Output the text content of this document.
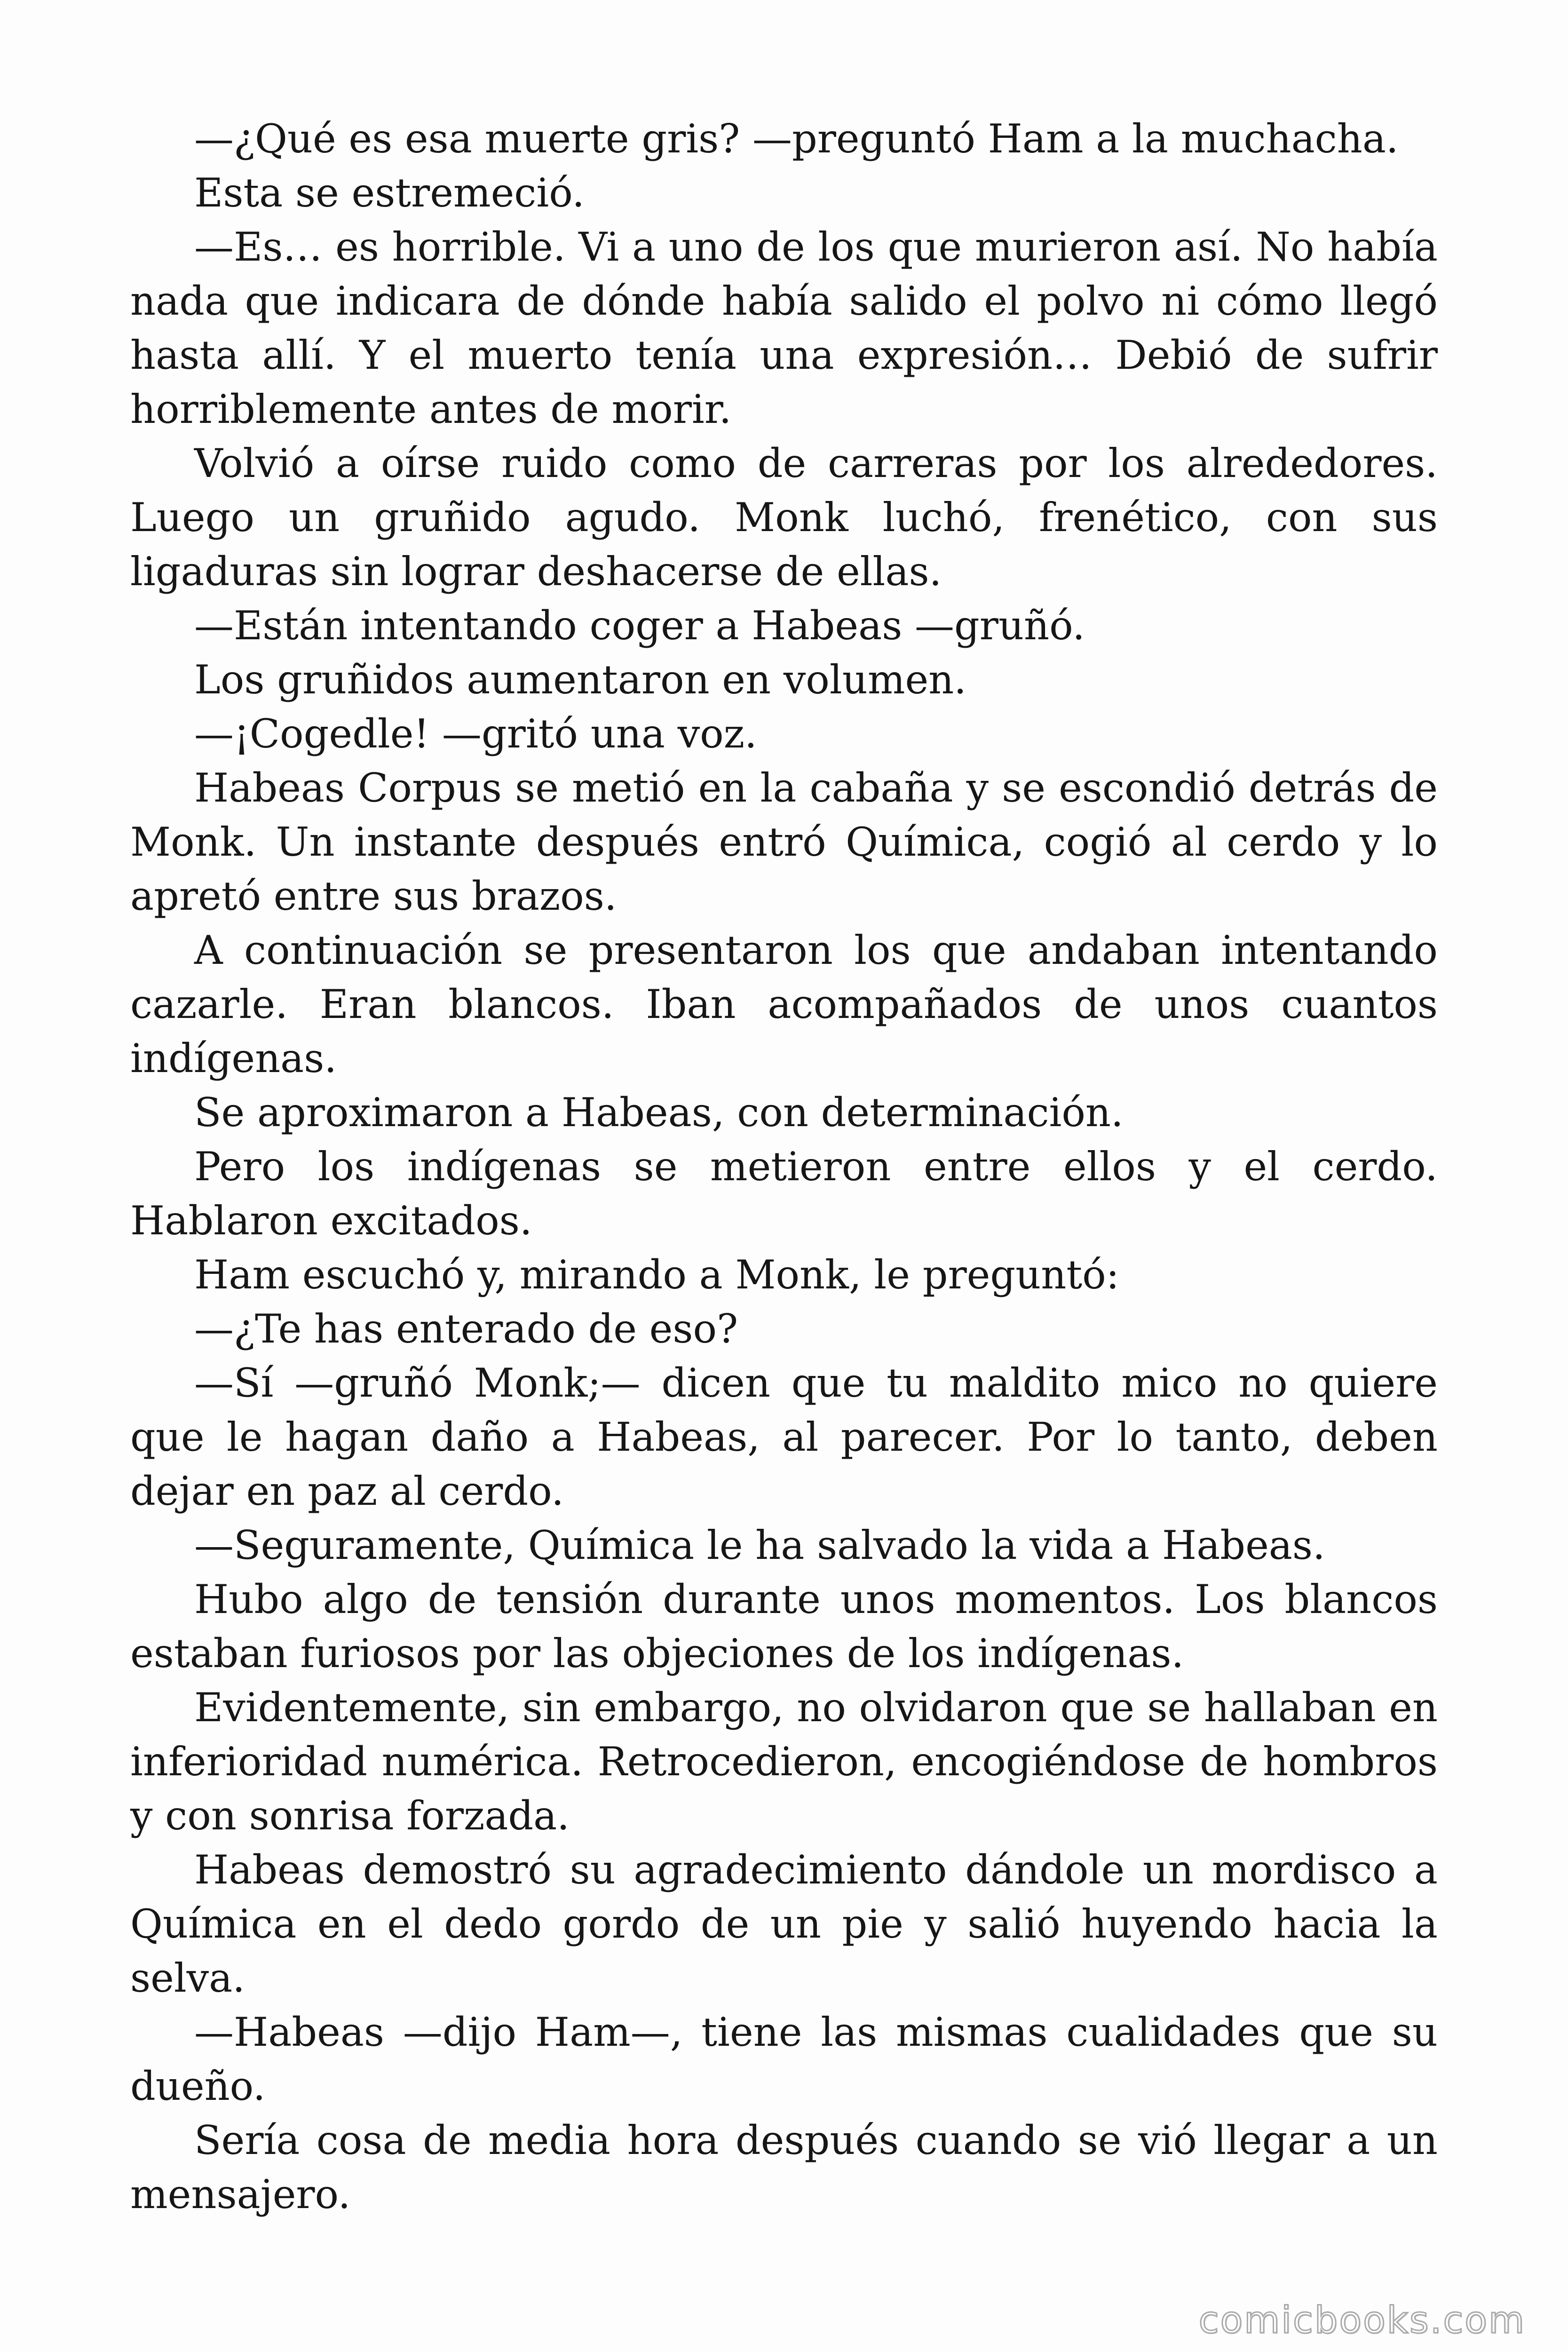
—¿Qué es esa muerte gris? —preguntó Ham a la muchacha.

Esta se estremeció.

—Es… es horrible. Vi a uno de los que murieron así. No había nada que indicara de dónde había salido el polvo ni cómo llegó hasta allí. Y el muerto tenía una expresión… Debió de sufrir horriblemente antes de morir.

Volvió a oírse ruido como de carreras por los alrededores. Luego un gruñido agudo. Monk luchó, frenético, con sus ligaduras sin lograr deshacerse de ellas.

—Están intentando coger a Habeas —gruñó.

Los gruñidos aumentaron en volumen.

—¡Cogedle! —gritó una voz.

Habeas Corpus se metió en la cabaña y se escondió detrás de Monk. Un instante después entró Química, cogió al cerdo y lo apretó entre sus brazos.

A continuación se presentaron los que andaban intentando cazarle. Eran blancos. Iban acompañados de unos cuantos indígenas.

Se aproximaron a Habeas, con determinación.

Pero los indígenas se metieron entre ellos y el cerdo. Hablaron excitados.

Ham escuchó y, mirando a Monk, le preguntó:

—¿Te has enterado de eso?

—Sí —gruñó Monk;— dicen que tu maldito mico no quiere que le hagan daño a Habeas, al parecer. Por lo tanto, deben dejar en paz al cerdo.

—Seguramente, Química le ha salvado la vida a Habeas.

Hubo algo de tensión durante unos momentos. Los blancos estaban furiosos por las objeciones de los indígenas.

Evidentemente, sin embargo, no olvidaron que se hallaban en inferioridad numérica. Retrocedieron, encogiéndose de hombros y con sonrisa forzada.

Habeas demostró su agradecimiento dándole un mordisco a Química en el dedo gordo de un pie y salió huyendo hacia la selva.

—Habeas —dijo Ham—, tiene las mismas cualidades que su dueño.

Sería cosa de media hora después cuando se vió llegar a un mensajero.

comicbooks.com
